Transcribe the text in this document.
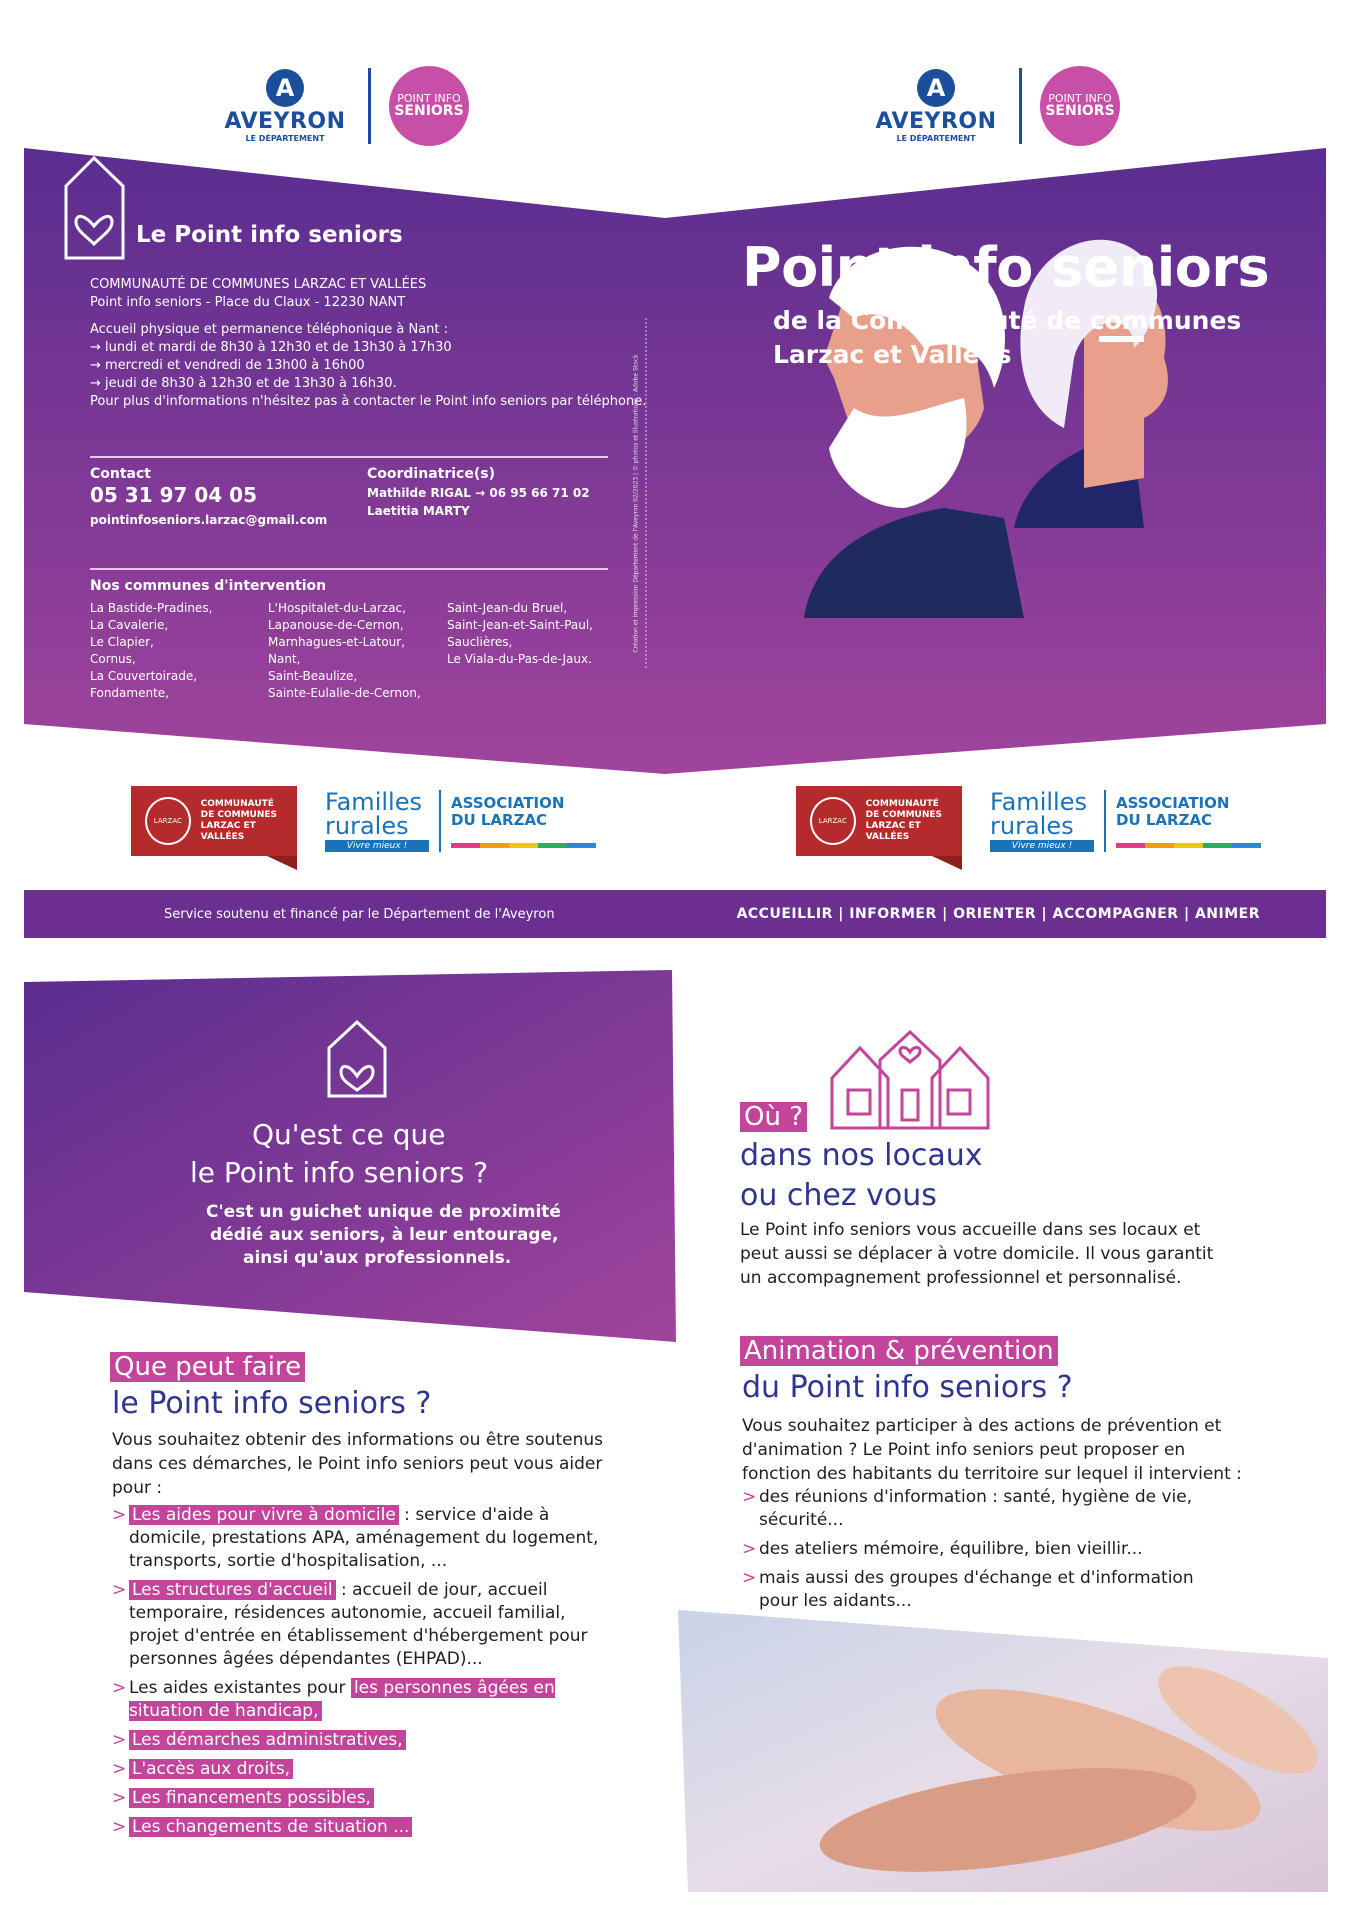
A
AVEYRON
LE DÉPARTEMENT
POINT INFO
SENIORS
A
AVEYRON
LE DÉPARTEMENT
POINT INFO
SENIORS
Le Point info seniors
COMMUNAUTÉ DE COMMUNES LARZAC ET VALLÉES
Point info seniors - Place du Claux - 12230 NANT
Accueil physique et permanence téléphonique à Nant :
→ lundi et mardi de 8h30 à 12h30 et de 13h30 à 17h30
→ mercredi et vendredi de 13h00 à 16h00
→ jeudi de 8h30 à 12h30 et de 13h30 à 16h30.
Pour plus d'informations n'hésitez pas à contacter le Point info seniors par téléphone.
Contact
05 31 97 04 05
pointinfoseniors.larzac@gmail.com
Coordinatrice(s)
Mathilde RIGAL → 06 95 66 71 02
Laetitia MARTY
Nos communes d'intervention
La Bastide-Pradines,
La Cavalerie,
Le Clapier,
Cornus,
La Couvertoirade,
Fondamente,
L'Hospitalet-du-Larzac,
Lapanouse-de-Cernon,
Marnhagues-et-Latour,
Nant,
Saint-Beaulize,
Sainte-Eulalie-de-Cernon,
Saint-Jean-du Bruel,
Saint-Jean-et-Saint-Paul,
Sauclières,
Le Viala-du-Pas-de-Jaux.
Création et impression Département de l'Aveyron 02/2023 | © photos et illustrations : Adobe Stock
Point info seniors
de la Communauté de communes
Larzac et Vallées
LARZAC
COMMUNAUTÉ
DE COMMUNES
LARZAC ET VALLÉES
Familles
rurales
Vivre mieux !
ASSOCIATION
DU LARZAC	LARZAC
COMMUNAUTÉ
DE COMMUNES
LARZAC ET VALLÉES
Familles
rurales
Vivre mieux !
ASSOCIATION
DU LARZAC
Service soutenu et financé par le Département de l'Aveyron	ACCUEILLIR | INFORMER | ORIENTER | ACCOMPAGNER | ANIMER
Qu'est ce que
le Point info seniors ?
C'est un guichet unique de proximité
dédié aux seniors, à leur entourage,
ainsi qu'aux professionnels.
Que peut faire
le Point info seniors ?
Vous souhaitez obtenir des informations ou être soutenus dans ces démarches, le Point info seniors peut vous aider pour :
> Les aides pour vivre à domicile : service d'aide à domicile, prestations APA, aménagement du logement, transports, sortie d'hospitalisation, ...
> Les structures d'accueil : accueil de jour, accueil temporaire, résidences autonomie, accueil familial, projet d'entrée en établissement d'hébergement pour personnes âgées dépendantes (EHPAD)...
> Les aides existantes pour les personnes âgées en situation de handicap,
> Les démarches administratives,
> L'accès aux droits,
> Les financements possibles,
> Les changements de situation ...
Où ?
dans nos locaux
ou chez vous
Le Point info seniors vous accueille dans ses locaux et peut aussi se déplacer à votre domicile. Il vous garantit un accompagnement professionnel et personnalisé.
Animation & prévention
du Point info seniors ?
Vous souhaitez participer à des actions de prévention et d'animation ? Le Point info seniors peut proposer en fonction des habitants du territoire sur lequel il intervient :
> des réunions d'information : santé, hygiène de vie, sécurité...
> des ateliers mémoire, équilibre, bien vieillir...
> mais aussi des groupes d'échange et d'information pour les aidants...
